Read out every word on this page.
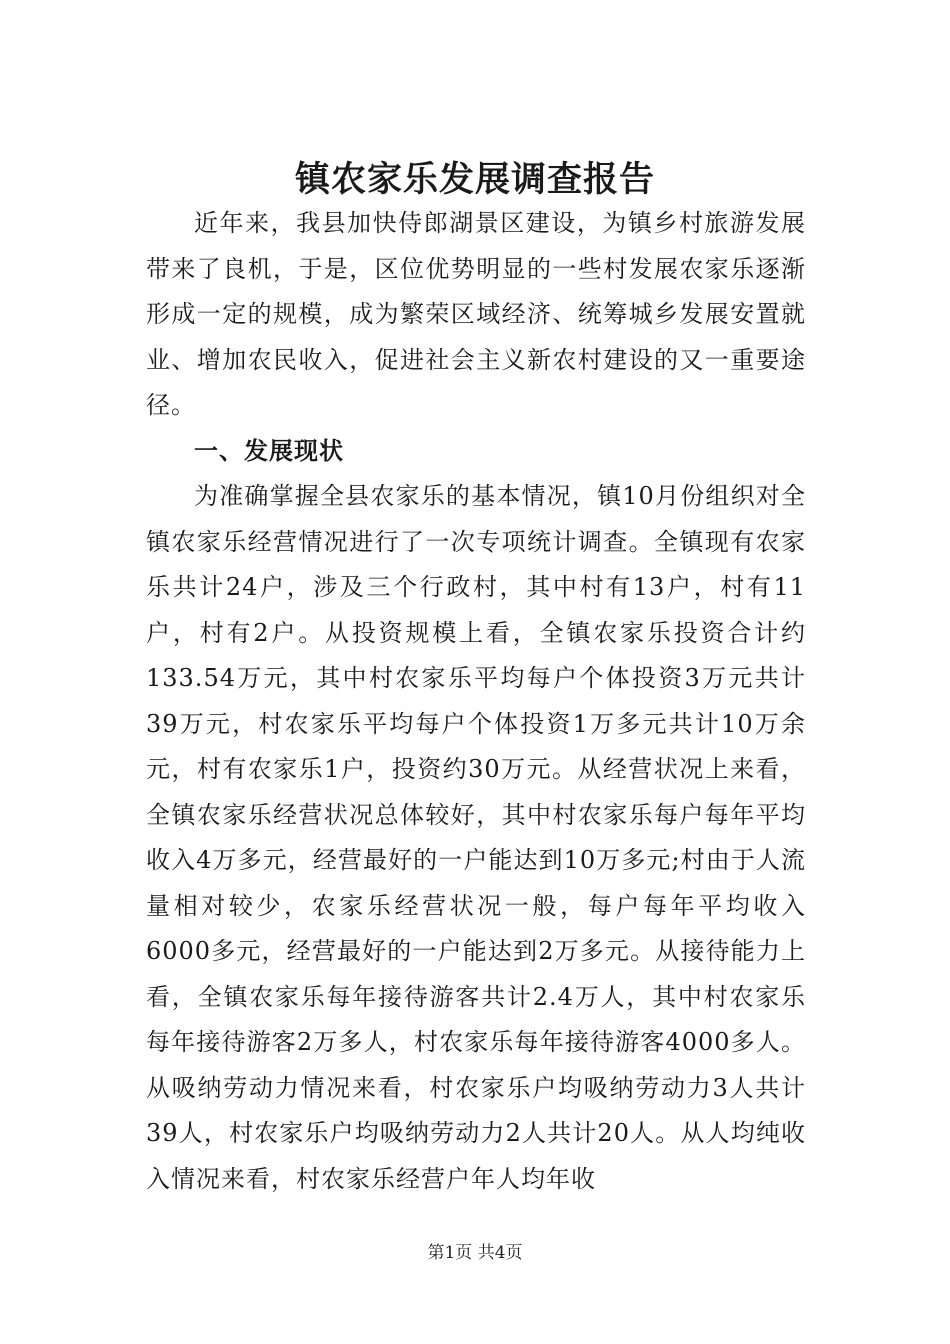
镇农家乐发展调查报告

近年来，我县加快侍郎湖景区建设，为镇乡村旅游发展带来了良机，于是，区位优势明显的一些村发展农家乐逐渐形成一定的规模，成为繁荣区域经济、统筹城乡发展安置就业、增加农民收入，促进社会主义新农村建设的又一重要途径。

一、发展现状

为准确掌握全县农家乐的基本情况，镇10月份组织对全镇农家乐经营情况进行了一次专项统计调查。全镇现有农家乐共计24户，涉及三个行政村，其中村有13户，村有11户，村有2户。从投资规模上看，全镇农家乐投资合计约133.54万元，其中村农家乐平均每户个体投资3万元共计39万元，村农家乐平均每户个体投资1万多元共计10万余元，村有农家乐1户，投资约30万元。从经营状况上来看，全镇农家乐经营状况总体较好，其中村农家乐每户每年平均收入4万多元，经营最好的一户能达到10万多元;村由于人流量相对较少，农家乐经营状况一般，每户每年平均收入6000多元，经营最好的一户能达到2万多元。从接待能力上看，全镇农家乐每年接待游客共计2.4万人，其中村农家乐每年接待游客2万多人，村农家乐每年接待游客4000多人。从吸纳劳动力情况来看，村农家乐户均吸纳劳动力3人共计39人，村农家乐户均吸纳劳动力2人共计20人。从人均纯收入情况来看，村农家乐经营户年人均年收

第1页 共4页
